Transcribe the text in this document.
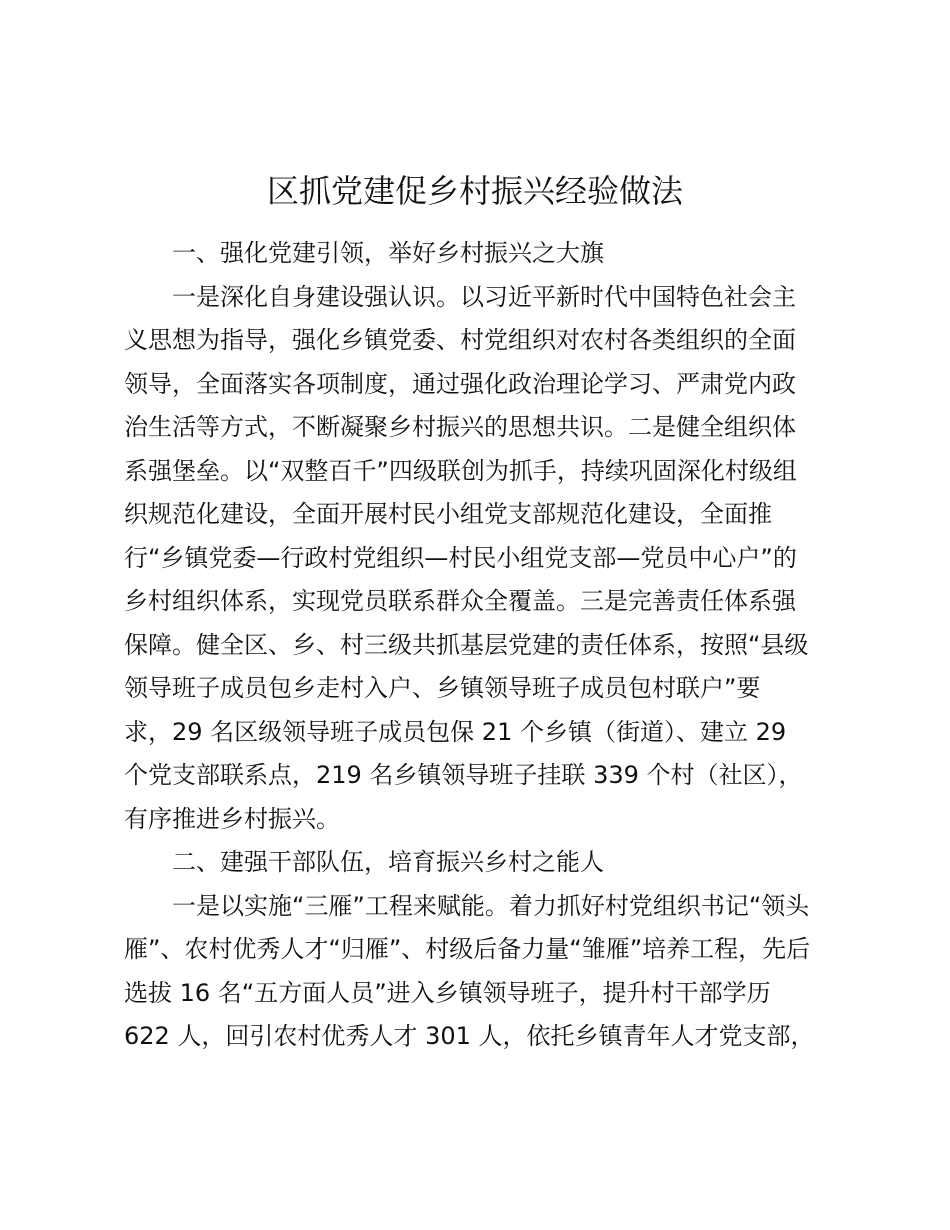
区抓党建促乡村振兴经验做法
一、强化党建引领，举好乡村振兴之大旗
一是深化自身建设强认识。以习近平新时代中国特色社会主
义思想为指导，强化乡镇党委、村党组织对农村各类组织的全面
领导，全面落实各项制度，通过强化政治理论学习、严肃党内政
治生活等方式，不断凝聚乡村振兴的思想共识。二是健全组织体
系强堡垒。以“双整百千”四级联创为抓手，持续巩固深化村级组
织规范化建设，全面开展村民小组党支部规范化建设，全面推
行“乡镇党委—行政村党组织—村民小组党支部—党员中心户”的
乡村组织体系，实现党员联系群众全覆盖。三是完善责任体系强
保障。健全区、乡、村三级共抓基层党建的责任体系，按照“县级
领导班子成员包乡走村入户、乡镇领导班子成员包村联户”要
求，29 名区级领导班子成员包保 21 个乡镇（街道）、建立 29
个党支部联系点，219 名乡镇领导班子挂联 339 个村（社区），
有序推进乡村振兴。
二、建强干部队伍，培育振兴乡村之能人
一是以实施“三雁”工程来赋能。着力抓好村党组织书记“领头
雁”、农村优秀人才“归雁”、村级后备力量“雏雁”培养工程，先后
选拔 16 名“五方面人员”进入乡镇领导班子，提升村干部学历
622 人，回引农村优秀人才 301 人，依托乡镇青年人才党支部，
